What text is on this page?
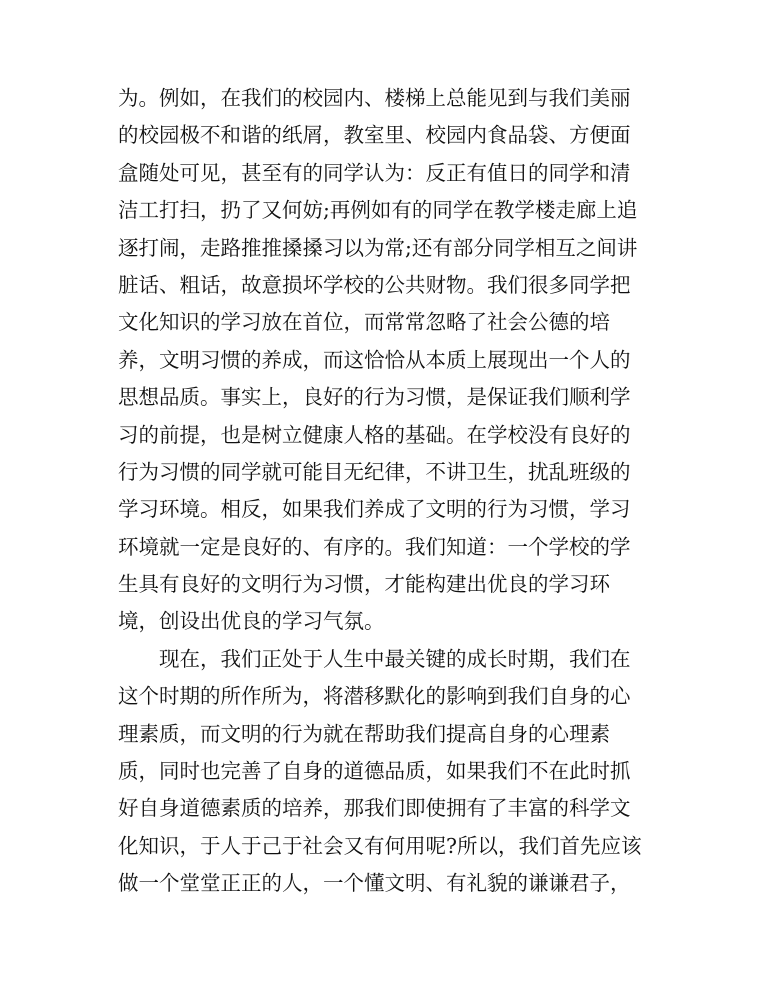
为。例如，在我们的校园内、楼梯上总能见到与我们美丽
的校园极不和谐的纸屑，教室里、校园内食品袋、方便面
盒随处可见，甚至有的同学认为：反正有值日的同学和清
洁工打扫，扔了又何妨;再例如有的同学在教学楼走廊上追
逐打闹，走路推推搡搡习以为常;还有部分同学相互之间讲
脏话、粗话，故意损坏学校的公共财物。我们很多同学把
文化知识的学习放在首位，而常常忽略了社会公德的培
养，文明习惯的养成，而这恰恰从本质上展现出一个人的
思想品质。事实上，良好的行为习惯，是保证我们顺利学
习的前提，也是树立健康人格的基础。在学校没有良好的
行为习惯的同学就可能目无纪律，不讲卫生，扰乱班级的
学习环境。相反，如果我们养成了文明的行为习惯，学习
环境就一定是良好的、有序的。我们知道：一个学校的学
生具有良好的文明行为习惯，才能构建出优良的学习环
境，创设出优良的学习气氛。
现在，我们正处于人生中最关键的成长时期，我们在
这个时期的所作所为，将潜移默化的影响到我们自身的心
理素质，而文明的行为就在帮助我们提高自身的心理素
质，同时也完善了自身的道德品质，如果我们不在此时抓
好自身道德素质的培养，那我们即使拥有了丰富的科学文
化知识，于人于己于社会又有何用呢?所以，我们首先应该
做一个堂堂正正的人，一个懂文明、有礼貌的谦谦君子，
